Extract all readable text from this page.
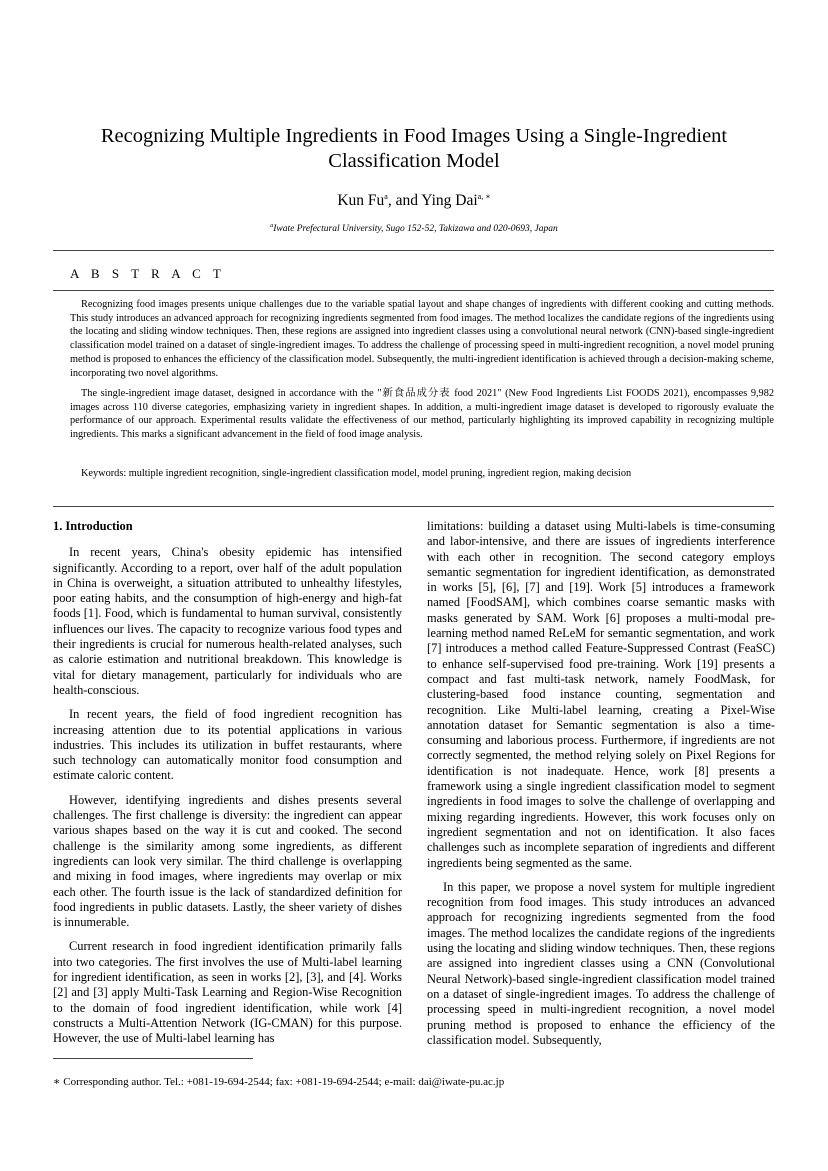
Recognizing Multiple Ingredients in Food Images Using a Single-Ingredient Classification Model
Kun Fu$^a$, and Ying Dai$^{a, ∗}$
$^a$Iwate Prefectural University, Sugo 152-52, Takizawa and 020-0693, Japan
A B S T R A C T

Recognizing food images presents unique challenges due to the variable spatial layout and shape changes of ingredients with different cooking and cutting methods. This study introduces an advanced approach for recognizing ingredients segmented from food images. The method localizes the candidate regions of the ingredients using the locating and sliding window techniques. Then, these regions are assigned into ingredient classes using a convolutional neural network (CNN)-based single-ingredient classification model trained on a dataset of single-ingredient images. To address the challenge of processing speed in multi-ingredient recognition, a novel model pruning method is proposed to enhances the efficiency of the classification model. Subsequently, the multi-ingredient identification is achieved through a decision-making scheme, incorporating two novel algorithms.

The single-ingredient image dataset, designed in accordance with the "新食品成分表 food 2021" (New Food Ingredients List FOODS 2021), encompasses 9,982 images across 110 diverse categories, emphasizing variety in ingredient shapes. In addition, a multi-ingredient image dataset is developed to rigorously evaluate the performance of our approach. Experimental results validate the effectiveness of our method, particularly highlighting its improved capability in recognizing multiple ingredients. This marks a significant advancement in the field of food image analysis.

Keywords: multiple ingredient recognition, single-ingredient classification model, model pruning, ingredient region, making decision
1. Introduction

In recent years, China's obesity epidemic has intensified significantly. According to a report, over half of the adult population in China is overweight, a situation attributed to unhealthy lifestyles, poor eating habits, and the consumption of high-energy and high-fat foods [1]. Food, which is fundamental to human survival, consistently influences our lives. The capacity to recognize various food types and their ingredients is crucial for numerous health-related analyses, such as calorie estimation and nutritional breakdown. This knowledge is vital for dietary management, particularly for individuals who are health-conscious.

In recent years, the field of food ingredient recognition has increasing attention due to its potential applications in various industries. This includes its utilization in buffet restaurants, where such technology can automatically monitor food consumption and estimate caloric content.

However, identifying ingredients and dishes presents several challenges. The first challenge is diversity: the ingredient can appear various shapes based on the way it is cut and cooked. The second challenge is the similarity among some ingredients, as different ingredients can look very similar. The third challenge is overlapping and mixing in food images, where ingredients may overlap or mix each other. The fourth issue is the lack of standardized definition for food ingredients in public datasets. Lastly, the sheer variety of dishes is innumerable.

Current research in food ingredient identification primarily falls into two categories. The first involves the use of Multi-label learning for ingredient identification, as seen in works [2], [3], and [4]. Works [2] and [3] apply Multi-Task Learning and Region-Wise Recognition to the domain of food ingredient identification, while work [4] constructs a Multi-Attention Network (IG-CMAN) for this purpose. However, the use of Multi-label learning has

limitations: building a dataset using Multi-labels is time-consuming and labor-intensive, and there are issues of ingredients interference with each other in recognition. The second category employs semantic segmentation for ingredient identification, as demonstrated in works [5], [6], [7] and [19]. Work [5] introduces a framework named [FoodSAM], which combines coarse semantic masks with masks generated by SAM. Work [6] proposes a multi-modal pre-learning method named ReLeM for semantic segmentation, and work [7] introduces a method called Feature-Suppressed Contrast (FeaSC) to enhance self-supervised food pre-training. Work [19] presents a compact and fast multi-task network, namely FoodMask, for clustering-based food instance counting, segmentation and recognition. Like Multi-label learning, creating a Pixel-Wise annotation dataset for Semantic segmentation is also a time-consuming and laborious process. Furthermore, if ingredients are not correctly segmented, the method relying solely on Pixel Regions for identification is not inadequate. Hence, work [8] presents a framework using a single ingredient classification model to segment ingredients in food images to solve the challenge of overlapping and mixing regarding ingredients. However, this work focuses only on ingredient segmentation and not on identification. It also faces challenges such as incomplete separation of ingredients and different ingredients being segmented as the same.

In this paper, we propose a novel system for multiple ingredient recognition from food images. This study introduces an advanced approach for recognizing ingredients segmented from the food images. The method localizes the candidate regions of the ingredients using the locating and sliding window techniques. Then, these regions are assigned into ingredient classes using a CNN (Convolutional Neural Network)-based single-ingredient classification model trained on a dataset of single-ingredient images. To address the challenge of processing speed in multi-ingredient recognition, a novel model pruning method is proposed to enhance the efficiency of the classification model. Subsequently,

∗ Corresponding author. Tel.: +081-19-694-2544; fax: +081-19-694-2544; e-mail: dai@iwate-pu.ac.jp
